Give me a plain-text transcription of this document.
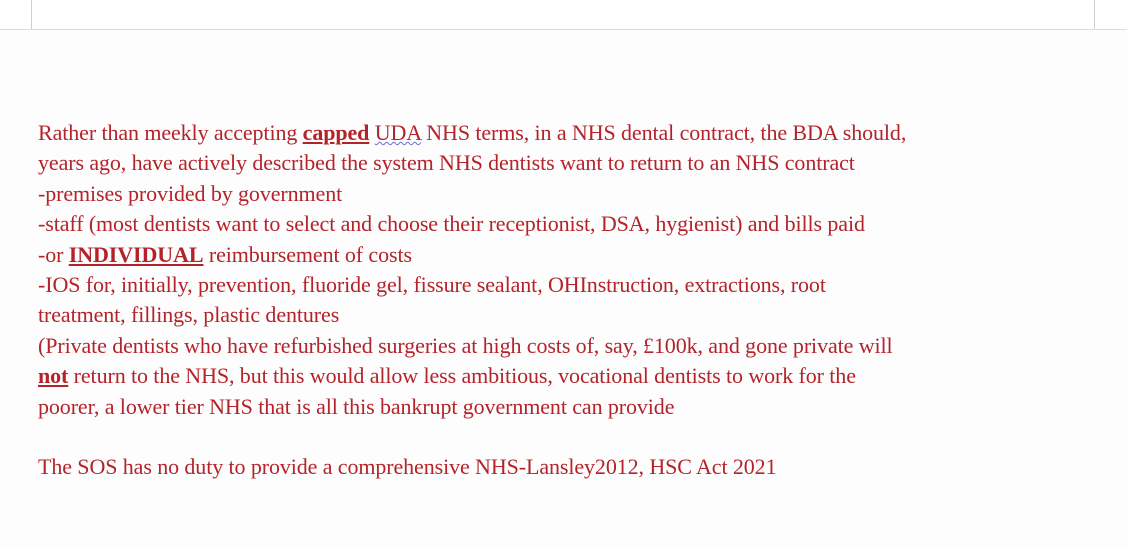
Rather than meekly accepting capped UDA NHS terms, in a NHS dental contract, the BDA should,
years ago, have actively described the system NHS dentists want to return to an NHS contract
-premises provided by government
-staff (most dentists want to select and choose their receptionist, DSA, hygienist) and bills paid
-or INDIVIDUAL reimbursement of costs
-IOS for, initially, prevention, fluoride gel, fissure sealant, OHInstruction, extractions, root
treatment, fillings, plastic dentures
(Private dentists who have refurbished surgeries at high costs of, say, £100k, and gone private will
not return to the NHS, but this would allow less ambitious, vocational dentists to work for the
poorer, a lower tier NHS that is all this bankrupt government can provide
The SOS has no duty to provide a comprehensive NHS-Lansley2012, HSC Act 2021
